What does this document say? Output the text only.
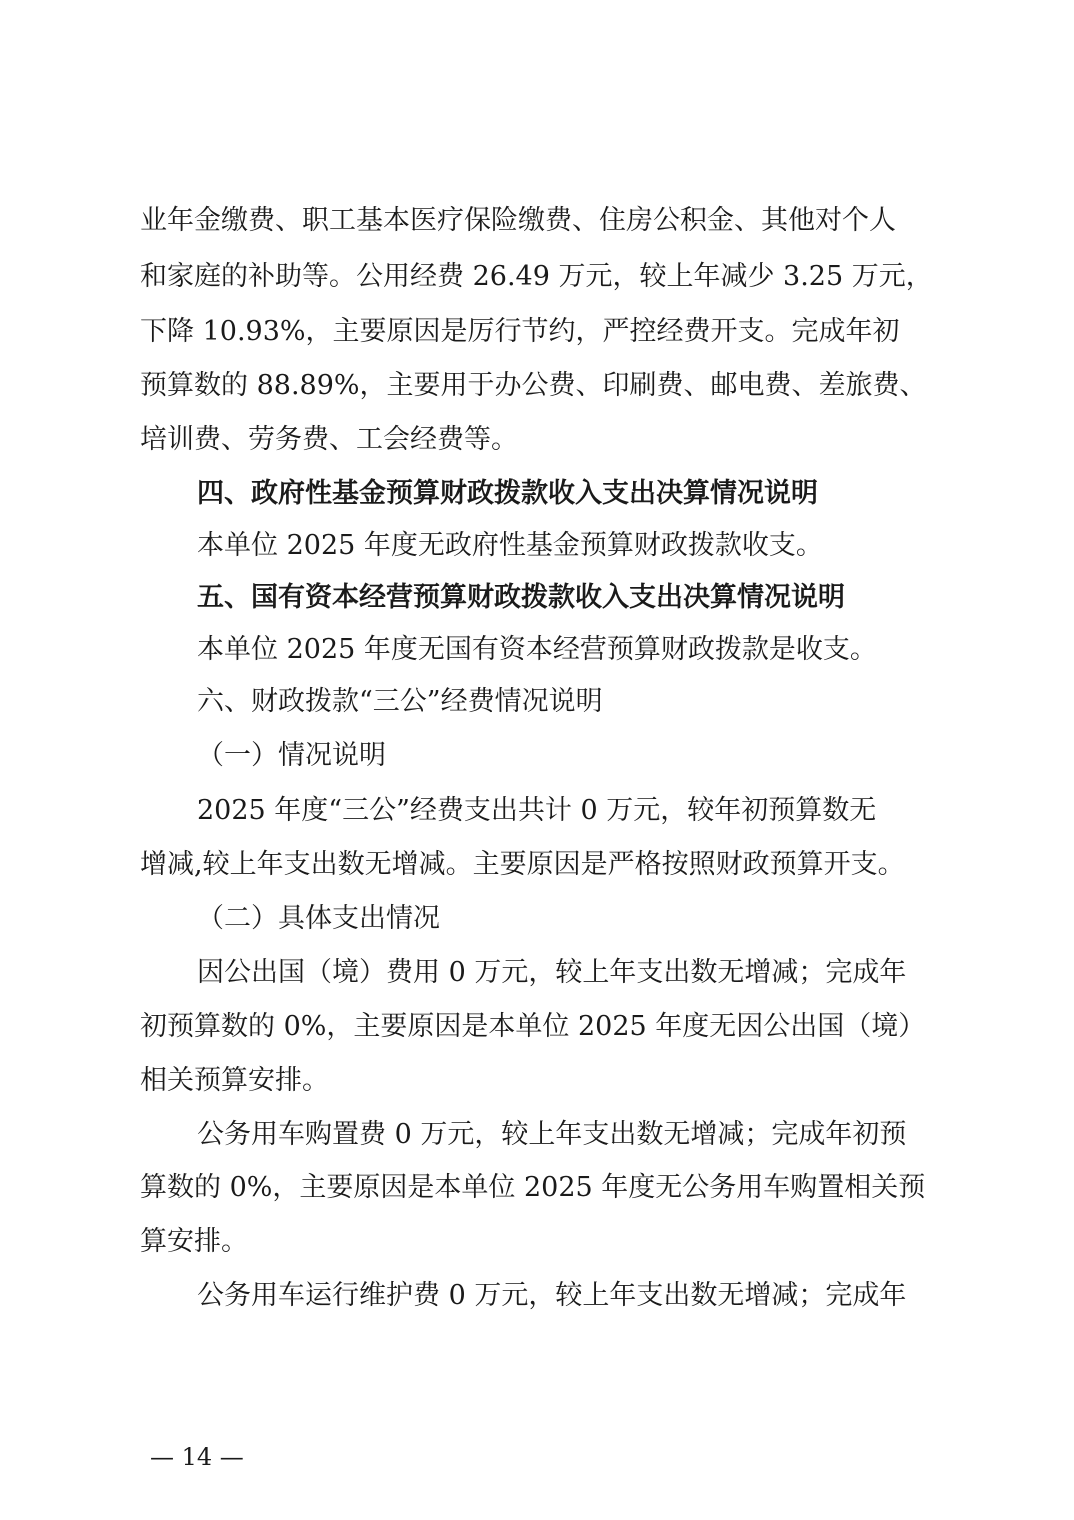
业年金缴费、职工基本医疗保险缴费、住房公积金、其他对个人
和家庭的补助等。公用经费 26.49 万元，较上年减少 3.25 万元，
下降 10.93%，主要原因是厉行节约，严控经费开支。完成年初
预算数的 88.89%，主要用于办公费、印刷费、邮电费、差旅费、
培训费、劳务费、工会经费等。
四、政府性基金预算财政拨款收入支出决算情况说明
本单位 2025 年度无政府性基金预算财政拨款收支。
五、国有资本经营预算财政拨款收入支出决算情况说明
本单位 2025 年度无国有资本经营预算财政拨款是收支。
六、财政拨款“三公”经费情况说明
（一）情况说明
2025 年度“三公”经费支出共计 0 万元，较年初预算数无
增减,较上年支出数无增减。主要原因是严格按照财政预算开支。
（二）具体支出情况
因公出国（境）费用 0 万元，较上年支出数无增减；完成年
初预算数的 0%，主要原因是本单位 2025 年度无因公出国（境）
相关预算安排。
公务用车购置费 0 万元，较上年支出数无增减；完成年初预
算数的 0%，主要原因是本单位 2025 年度无公务用车购置相关预
算安排。
公务用车运行维护费 0 万元，较上年支出数无增减；完成年
— 14 —
